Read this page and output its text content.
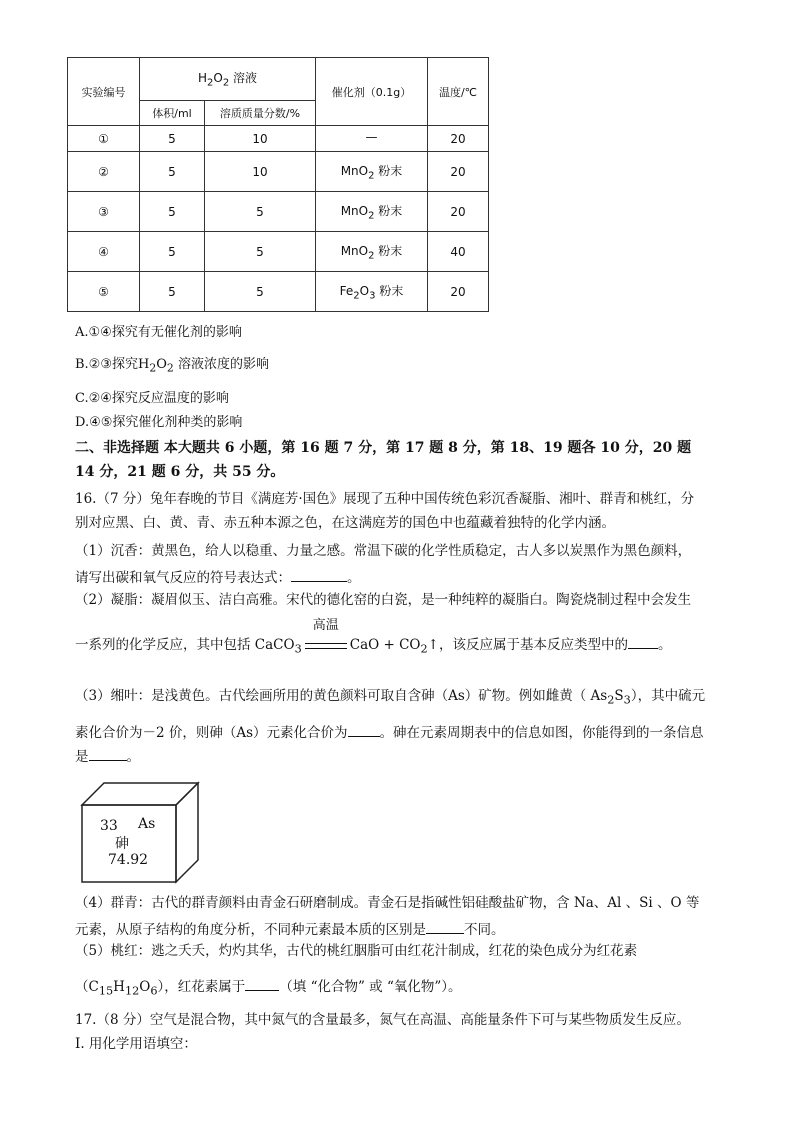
实验编号	$H_2O_2$ 溶液		催化剂（0.1g）	温度/℃
	体积/ml	溶质质量分数/%		
①	5	10	—	20
②	5	10	MnO$_2$ 粉末	20
③	5	5	MnO$_2$ 粉末	20
④	5	5	MnO$_2$ 粉末	40
⑤	5	5	$Fe_2O_3$ 粉末	20
A.①④探究有无催化剂的影响
B.②③探究$H_2O_2$ 溶液浓度的影响
C.②④探究反应温度的影响
D.④⑤探究催化剂种类的影响
二、非选择题 本大题共 6 小题，第 16 题 7 分，第 17 题 8 分，第 18、19 题各 10 分，20 题
14 分，21 题 6 分，共 55 分。
16.（7 分）兔年春晚的节目《满庭芳·国色》展现了五种中国传统色彩沉香凝脂、湘叶、群青和桃红，分
别对应黑、白、黄、青、赤五种本源之色，在这满庭芳的国色中也蕴藏着独特的化学内涵。
（1）沉香：黄黑色，给人以稳重、力量之感。常温下碳的化学性质稳定，古人多以炭黑作为黑色颜料，
请写出碳和氧气反应的符号表达式：	。
（2）凝脂：凝眉似玉、洁白高雅。宋代的德化窑的白瓷，是一种纯粹的凝脂白。陶瓷烧制过程中会发生
一系列的化学反应，其中包括 CaCO$_3$
高温
CaO + $CO_2↑$，该反应属于基本反应类型中的 。
（3）缃叶：是浅黄色。古代绘画所用的黄色颜料可取自含砷（As）矿物。例如雌黄（ $As_2S_3$），其中硫元
素化合价为－2 价，则砷（As）元素化合价为 。砷在元素周期表中的信息如图，你能得到的一条信息
是	。
33 As
砷
74.92
（4）群青：古代的群青颜料由青金石研磨制成。青金石是指碱性铝硅酸盐矿物，含 Na、Al 、Si 、O 等
元素，从原子结构的角度分析，不同种元素最本质的区别是	不同。
（5）桃红：逃之夭夭，灼灼其华，古代的桃红胭脂可由红花汁制成，红花的染色成分为红花素
$(C_{15}H_{12}O_6)$，红花素属于	（填 “化合物” 或 “氧化物”）。
17.（8 分）空气是混合物，其中氮气的含量最多，氮气在高温、高能量条件下可与某些物质发生反应。
Ⅰ. 用化学用语填空：
